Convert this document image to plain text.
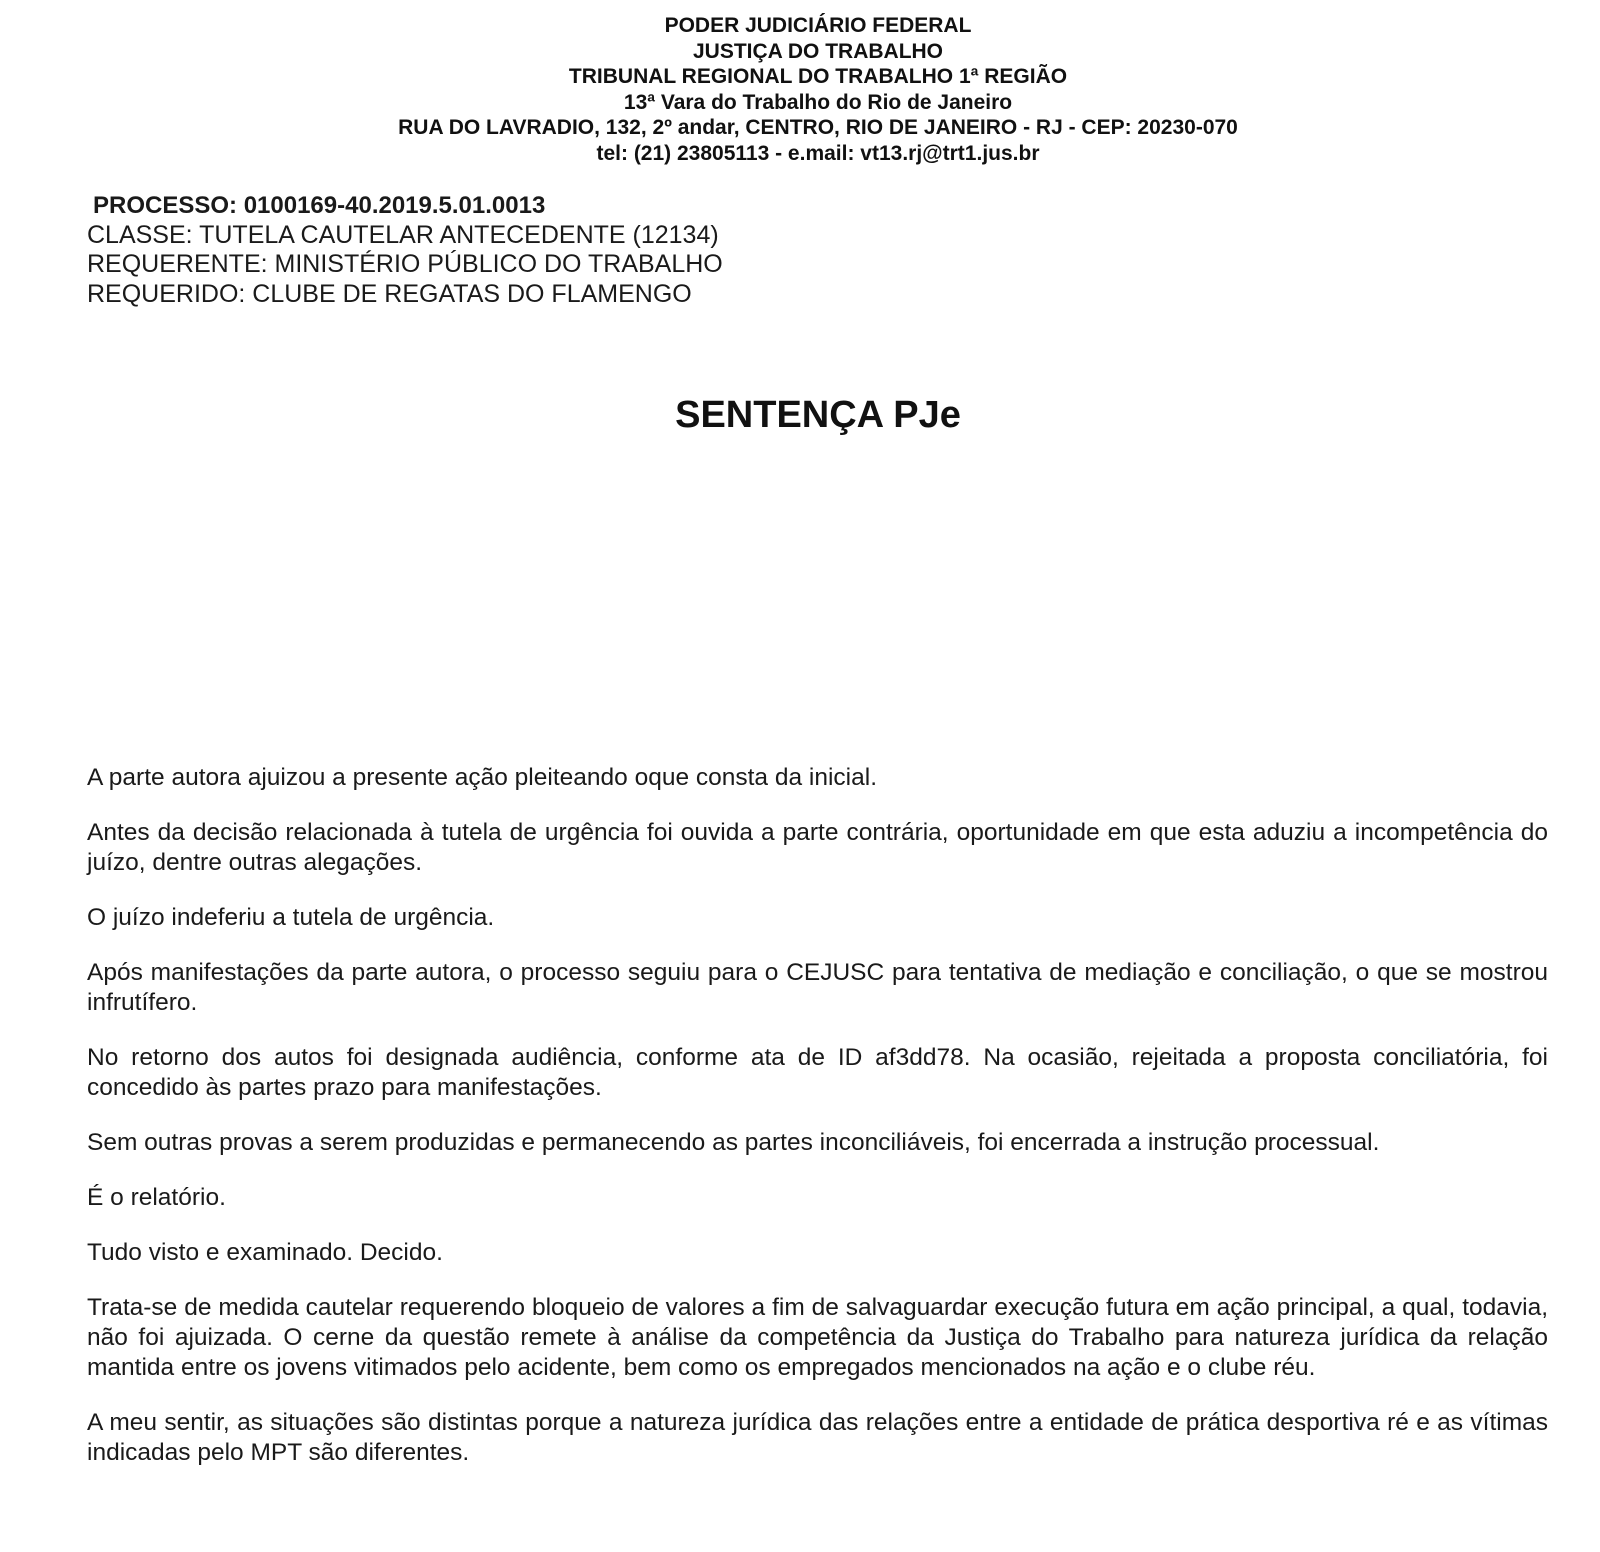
PODER JUDICIÁRIO FEDERAL
JUSTIÇA DO TRABALHO
TRIBUNAL REGIONAL DO TRABALHO 1ª REGIÃO
13ª Vara do Trabalho do Rio de Janeiro
RUA DO LAVRADIO, 132, 2º andar, CENTRO, RIO DE JANEIRO - RJ - CEP: 20230-070
tel: (21) 23805113 - e.mail: vt13.rj@trt1.jus.br
PROCESSO: 0100169-40.2019.5.01.0013
CLASSE: TUTELA CAUTELAR ANTECEDENTE (12134)
REQUERENTE: MINISTÉRIO PÚBLICO DO TRABALHO
REQUERIDO: CLUBE DE REGATAS DO FLAMENGO
SENTENÇA PJe

A parte autora ajuizou a presente ação pleiteando oque consta da inicial.

Antes da decisão relacionada à tutela de urgência foi ouvida a parte contrária, oportunidade em que esta aduziu a incompetência do juízo, dentre outras alegações.

O juízo indeferiu a tutela de urgência.

Após manifestações da parte autora, o processo seguiu para o CEJUSC para tentativa de mediação e conciliação, o que se mostrou infrutífero.

No retorno dos autos foi designada audiência, conforme ata de ID af3dd78. Na ocasião, rejeitada a proposta conciliatória, foi concedido às partes prazo para manifestações.

Sem outras provas a serem produzidas e permanecendo as partes inconciliáveis, foi encerrada a instrução processual.

É o relatório.

Tudo visto e examinado. Decido.

Trata-se de medida cautelar requerendo bloqueio de valores a fim de salvaguardar execução futura em ação principal, a qual, todavia, não foi ajuizada. O cerne da questão remete à análise da competência da Justiça do Trabalho para natureza jurídica da relação mantida entre os jovens vitimados pelo acidente, bem como os empregados mencionados na ação e o clube réu.

A meu sentir, as situações são distintas porque a natureza jurídica das relações entre a entidade de prática desportiva ré e as vítimas indicadas pelo MPT são diferentes.
